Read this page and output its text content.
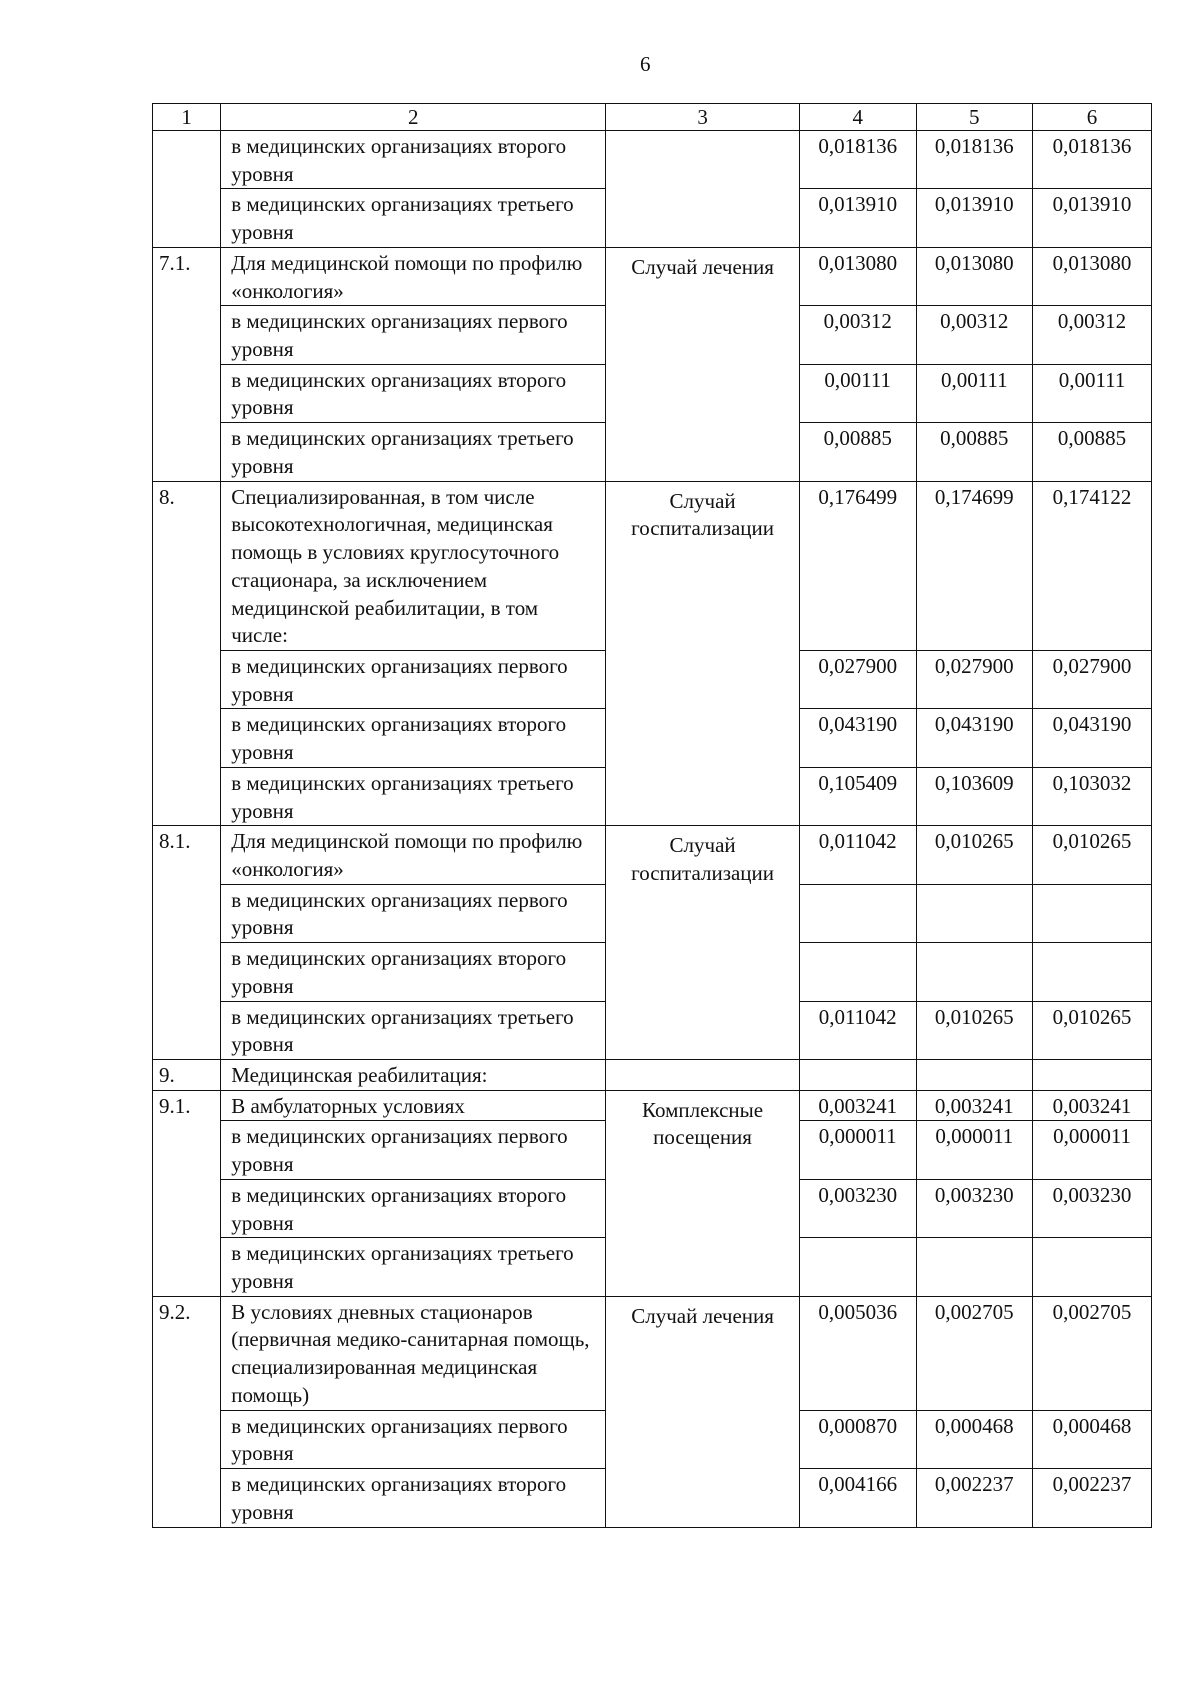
6
1	2	3	4	5	6
	в медицинских организациях второго уровня		0,018136	0,018136	0,018136
	в медицинских организациях третьего уровня		0,013910	0,013910	0,013910
7.1.	Для медицинской помощи по профилю «онкология»	Случай лечения	0,013080	0,013080	0,013080
	в медицинских организациях первого уровня		0,00312	0,00312	0,00312
	в медицинских организациях второго уровня		0,00111	0,00111	0,00111
	в медицинских организациях третьего уровня		0,00885	0,00885	0,00885
8.	Специализированная, в том числе высокотехнологичная, медицинская помощь в условиях круглосуточного стационара, за исключением медицинской реабилитации, в том числе:	Случай госпитализации	0,176499	0,174699	0,174122
	в медицинских организациях первого уровня		0,027900	0,027900	0,027900
	в медицинских организациях второго уровня		0,043190	0,043190	0,043190
	в медицинских организациях третьего уровня		0,105409	0,103609	0,103032
8.1.	Для медицинской помощи по профилю «онкология»	Случай госпитализации	0,011042	0,010265	0,010265
	в медицинских организациях первого уровня				
	в медицинских организациях второго уровня				
	в медицинских организациях третьего уровня		0,011042	0,010265	0,010265
9.	Медицинская реабилитация:				
9.1.	В амбулаторных условиях	Комплексные посещения	0,003241	0,003241	0,003241
	в медицинских организациях первого уровня		0,000011	0,000011	0,000011
	в медицинских организациях второго уровня		0,003230	0,003230	0,003230
	в медицинских организациях третьего уровня				
9.2.	В условиях дневных стационаров (первичная медико-санитарная помощь, специализированная медицинская помощь)	Случай лечения	0,005036	0,002705	0,002705
	в медицинских организациях первого уровня		0,000870	0,000468	0,000468
	в медицинских организациях второго уровня		0,004166	0,002237	0,002237
